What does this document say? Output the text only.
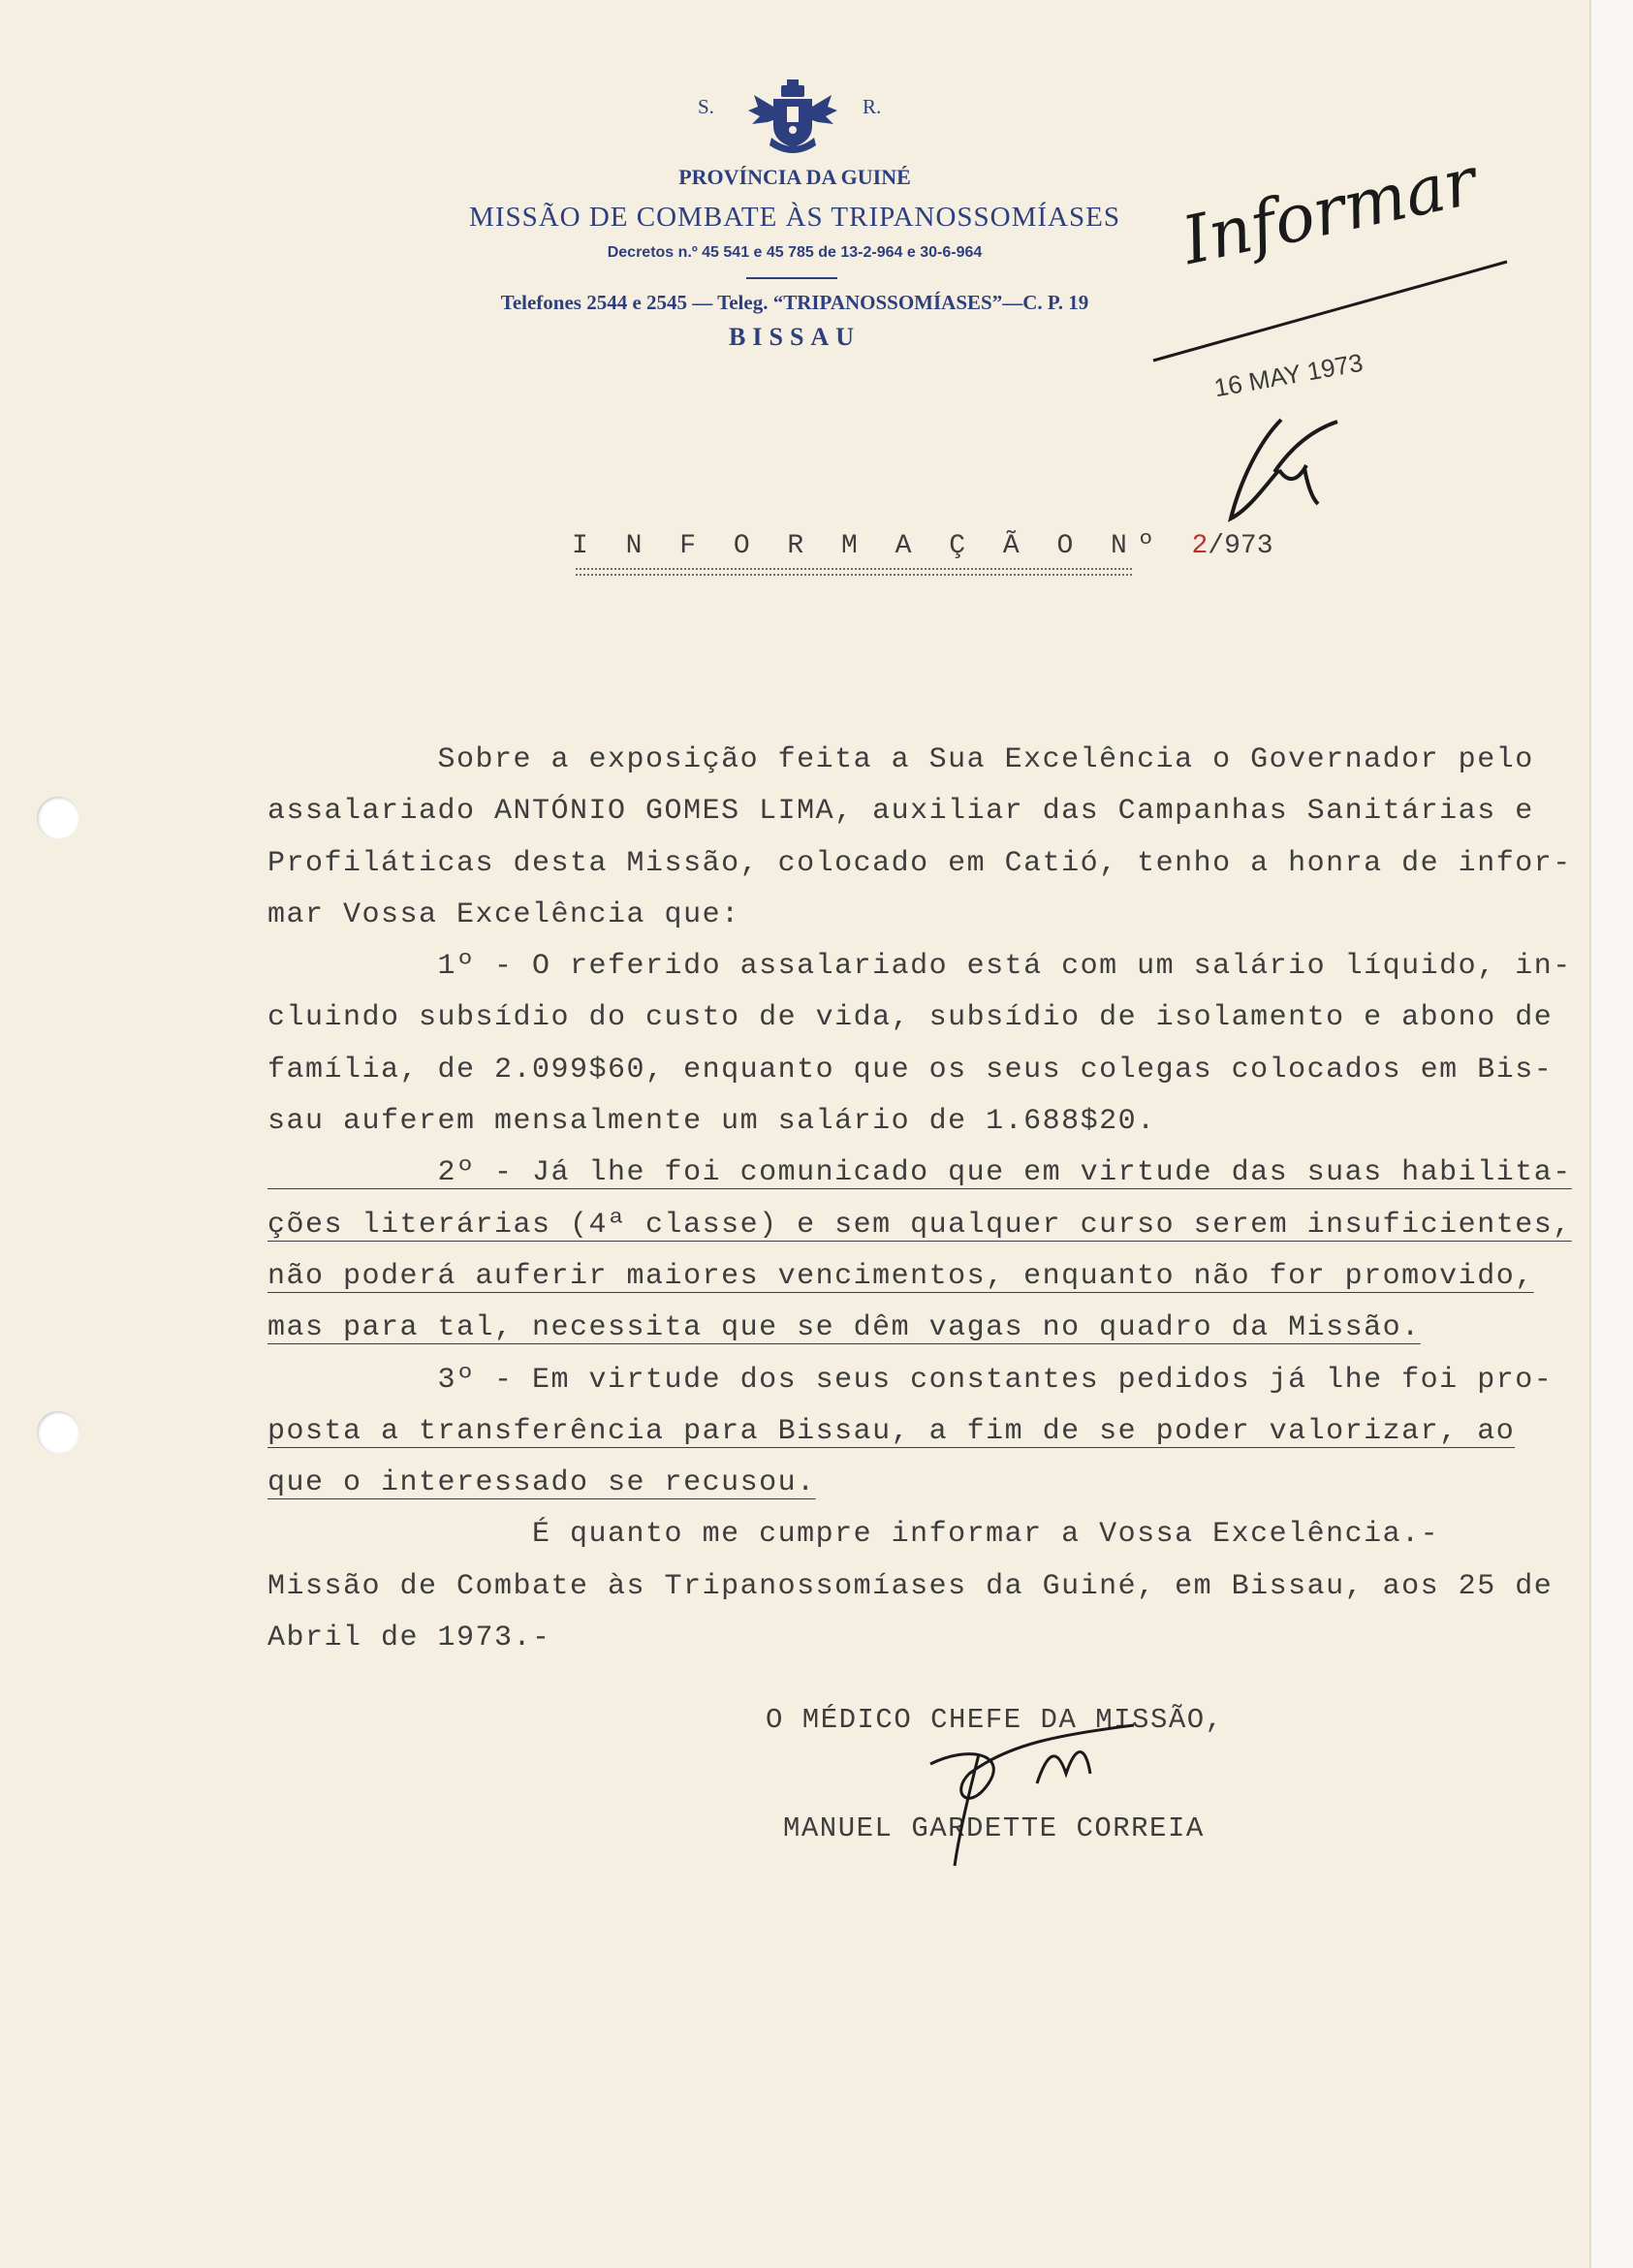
S.	R.
PROVÍNCIA DA GUINÉ
MISSÃO DE COMBATE ÀS TRIPANOSSOMÍASES
Decretos n.º 45 541 e 45 785 de 13-2-964 e 30-6-964
Telefones 2544 e 2545 — Teleg. “TRIPANOSSOMÍASES”—C. P. 19
BISSAU
Informar
16 MAY 1973
I N F O R M A Ç Ã O Nº 2/973

Sobre a exposição feita a Sua Excelência o Governador pelo

assalariado ANTÓNIO GOMES LIMA, auxiliar das Campanhas Sanitárias e

Profiláticas desta Missão, colocado em Catió, tenho a honra de infor-

mar Vossa Excelência que:

1º - O referido assalariado está com um salário líquido, in-

cluindo subsídio do custo de vida, subsídio de isolamento e abono de

família, de 2.099$60, enquanto que os seus colegas colocados em Bis-

sau auferem mensalmente um salário de 1.688$20.

2º - Já lhe foi comunicado que em virtude das suas habilita-

ções literárias (4ª classe) e sem qualquer curso serem insuficientes,

não poderá auferir maiores vencimentos, enquanto não for promovido,

mas para tal, necessita que se dêm vagas no quadro da Missão.

3º - Em virtude dos seus constantes pedidos já lhe foi pro-

posta a transferência para Bissau, a fim de se poder valorizar, ao

que o interessado se recusou.

É quanto me cumpre informar a Vossa Excelência.-

Missão de Combate às Tripanossomíases da Guiné, em Bissau, aos 25 de

Abril de 1973.-

O MÉDICO CHEFE DA MISSÃO,
MANUEL GARDETTE CORREIA
